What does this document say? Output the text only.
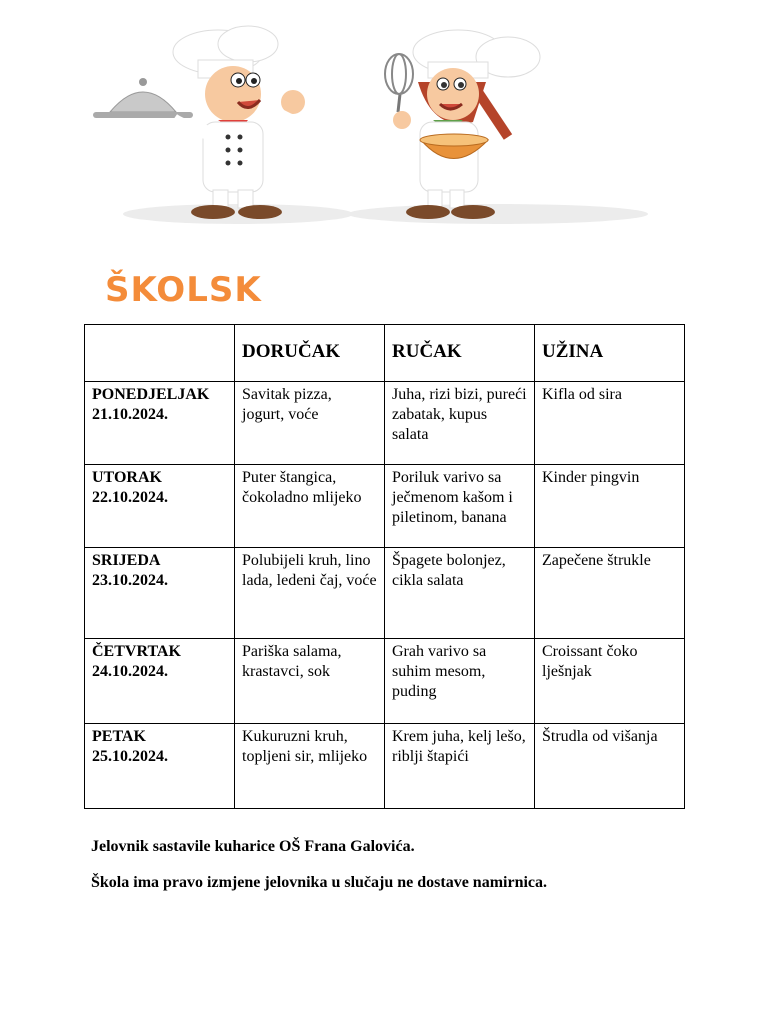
ŠKOLSK
	DORUČAK	RUČAK	UŽINA

PONEDJELJAK
21.10.2024.	Savitak pizza, jogurt, voće	Juha, rizi bizi, pureći zabatak, kupus salata	Kifla od sira

UTORAK
22.10.2024.	Puter štangica, čokoladno mlijeko	Poriluk varivo sa ječmenom kašom i piletinom, banana	Kinder pingvin

SRIJEDA
23.10.2024.	Polubijeli kruh, lino lada, ledeni čaj, voće	Špagete bolonjez, cikla salata	Zapečene štrukle

ČETVRTAK
24.10.2024.	Pariška salama, krastavci, sok	Grah varivo sa suhim mesom, puding	Croissant čoko lješnjak

PETAK
25.10.2024.	Kukuruzni kruh, topljeni sir, mlijeko	Krem juha, kelj lešo, riblji štapići	Štrudla od višanja
Jelovnik sastavile kuharice OŠ Frana Galovića.
Škola ima pravo izmjene jelovnika u slučaju ne dostave namirnica.
